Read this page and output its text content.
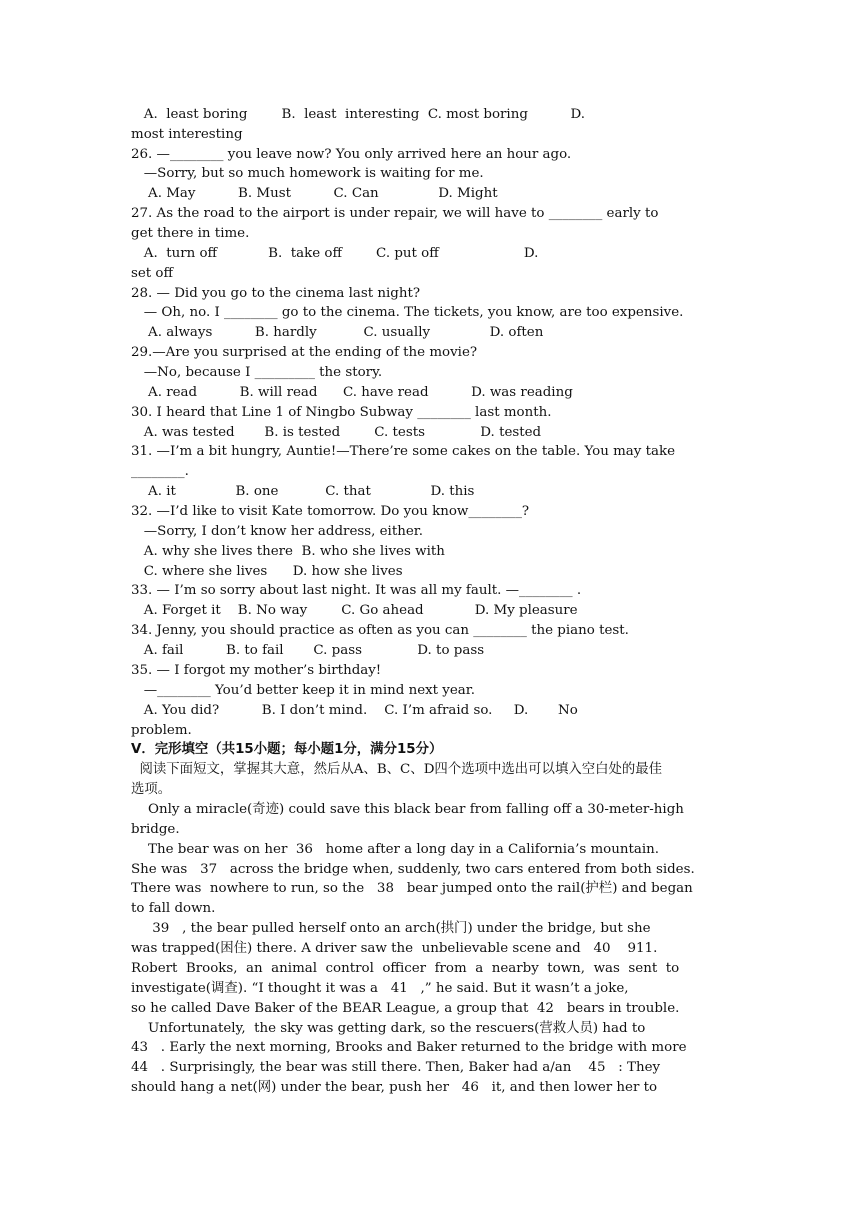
A.  least boring        B.  least  interesting  C. most boring          D.
most interesting
26. —________ you leave now? You only arrived here an hour ago.
—Sorry, but so much homework is waiting for me.
A. May          B. Must          C. Can              D. Might
27. As the road to the airport is under repair, we will have to ________ early to
get there in time.
A.  turn off            B.  take off        C. put off                    D.
set off
28. — Did you go to the cinema last night?
— Oh, no. I ________ go to the cinema. The tickets, you know, are too expensive.
A. always          B. hardly           C. usually              D. often
29.—Are you surprised at the ending of the movie?
—No, because I _________ the story.
A. read          B. will read      C. have read          D. was reading
30. I heard that Line 1 of Ningbo Subway ________ last month.
A. was tested       B. is tested        C. tests             D. tested
31. —I’m a bit hungry, Auntie!—There’re some cakes on the table. You may take
________.
A. it              B. one           C. that              D. this
32. —I’d like to visit Kate tomorrow. Do you know________?
—Sorry, I don’t know her address, either.
A. why she lives there  B. who she lives with
C. where she lives      D. how she lives
33. — I’m so sorry about last night. It was all my fault. —________ .
A. Forget it    B. No way        C. Go ahead            D. My pleasure
34. Jenny, you should practice as often as you can ________ the piano test.
A. fail          B. to fail       C. pass             D. to pass
35. — I forgot my mother’s birthday!
—________ You’d better keep it in mind next year.
A. You did?          B. I don’t mind.    C. I’m afraid so.     D.       No
problem.
V．完形填空（共15小题；每小题1分，满分15分）
阅读下面短文，掌握其大意，然后从A、B、C、D四个选项中选出可以填入空白处的最佳
选项。
Only a miracle(奇迹) could save this black bear from falling off a 30-meter-high
bridge.
The bear was on her  36   home after a long day in a California’s mountain.
She was   37   across the bridge when, suddenly, two cars entered from both sides.
There was  nowhere to run, so the   38   bear jumped onto the rail(护栏) and began
to fall down.
39   , the bear pulled herself onto an arch(拱门) under the bridge, but she
was trapped(困住) there. A driver saw the  unbelievable scene and   40    911.
Robert  Brooks,  an  animal  control  officer  from  a  nearby  town,  was  sent  to
investigate(调查). “I thought it was a   41   ,” he said. But it wasn’t a joke,
so he called Dave Baker of the BEAR League, a group that  42   bears in trouble.
Unfortunately,  the sky was getting dark, so the rescuers(营救人员) had to
43   . Early the next morning, Brooks and Baker returned to the bridge with more
44   . Surprisingly, the bear was still there. Then, Baker had a/an    45   : They
should hang a net(网) under the bear, push her   46   it, and then lower her to
